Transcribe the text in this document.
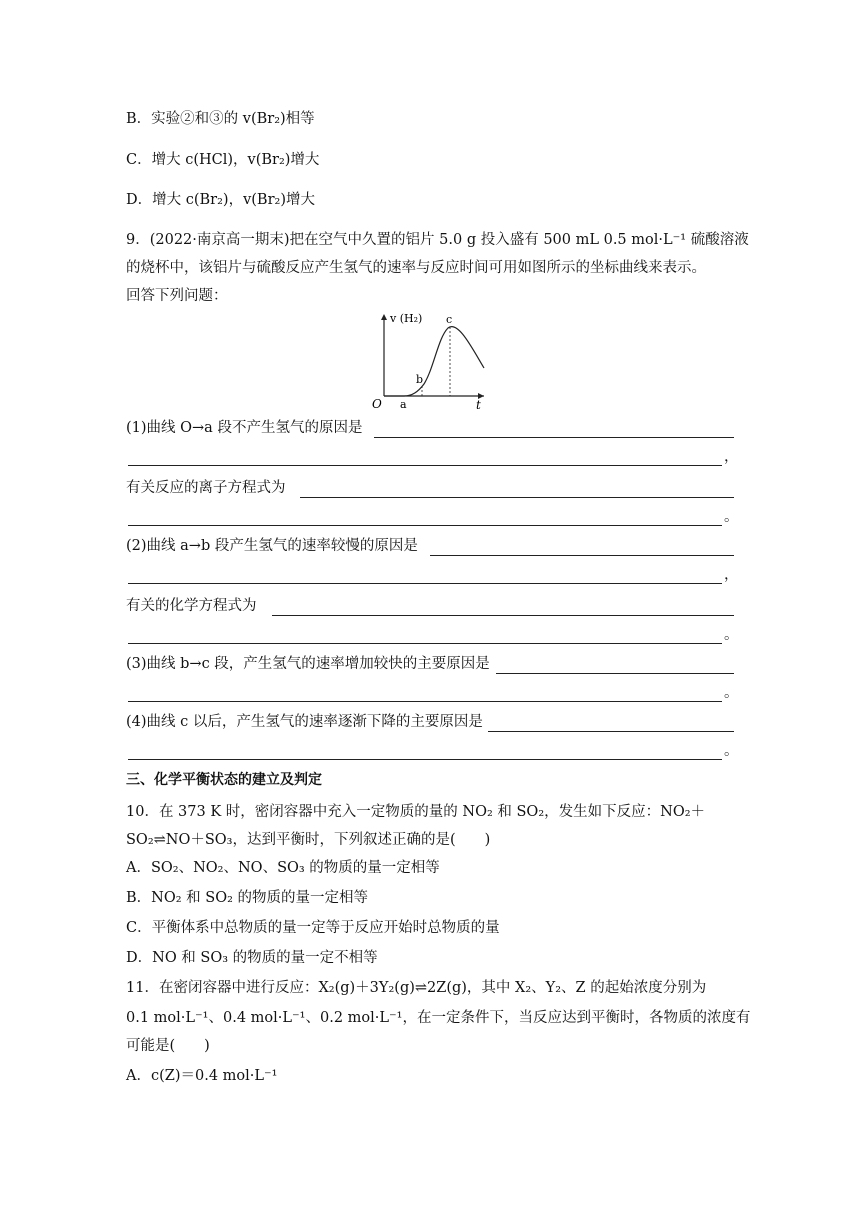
B．实验②和③的 v(Br₂)相等
C．增大 c(HCl)，v(Br₂)增大
D．增大 c(Br₂)，v(Br₂)增大
9．(2022·南京高一期末)把在空气中久置的铝片 5.0 g 投入盛有 500 mL 0.5 mol·L⁻¹ 硫酸溶液
的烧杯中，该铝片与硫酸反应产生氢气的速率与反应时间可用如图所示的坐标曲线来表示。
回答下列问题：
v (H₂)
t
O a
b
c
(1)曲线 O→a 段不产生氢气的原因是
，
有关反应的离子方程式为
。
(2)曲线 a→b 段产生氢气的速率较慢的原因是
，
有关的化学方程式为
。
(3)曲线 b→c 段，产生氢气的速率增加较快的主要原因是
。
(4)曲线 c 以后，产生氢气的速率逐渐下降的主要原因是
。
三、化学平衡状态的建立及判定
10．在 373 K 时，密闭容器中充入一定物质的量的 NO₂ 和 SO₂，发生如下反应：NO₂＋
SO₂⇌NO＋SO₃，达到平衡时，下列叙述正确的是(　　)
A．SO₂、NO₂、NO、SO₃ 的物质的量一定相等
B．NO₂ 和 SO₂ 的物质的量一定相等
C．平衡体系中总物质的量一定等于反应开始时总物质的量
D．NO 和 SO₃ 的物质的量一定不相等
11．在密闭容器中进行反应：X₂(g)＋3Y₂(g)⇌2Z(g)，其中 X₂、Y₂、Z 的起始浓度分别为
0.1 mol·L⁻¹、0.4 mol·L⁻¹、0.2 mol·L⁻¹，在一定条件下，当反应达到平衡时，各物质的浓度有
可能是(　　)
A．c(Z)＝0.4 mol·L⁻¹
